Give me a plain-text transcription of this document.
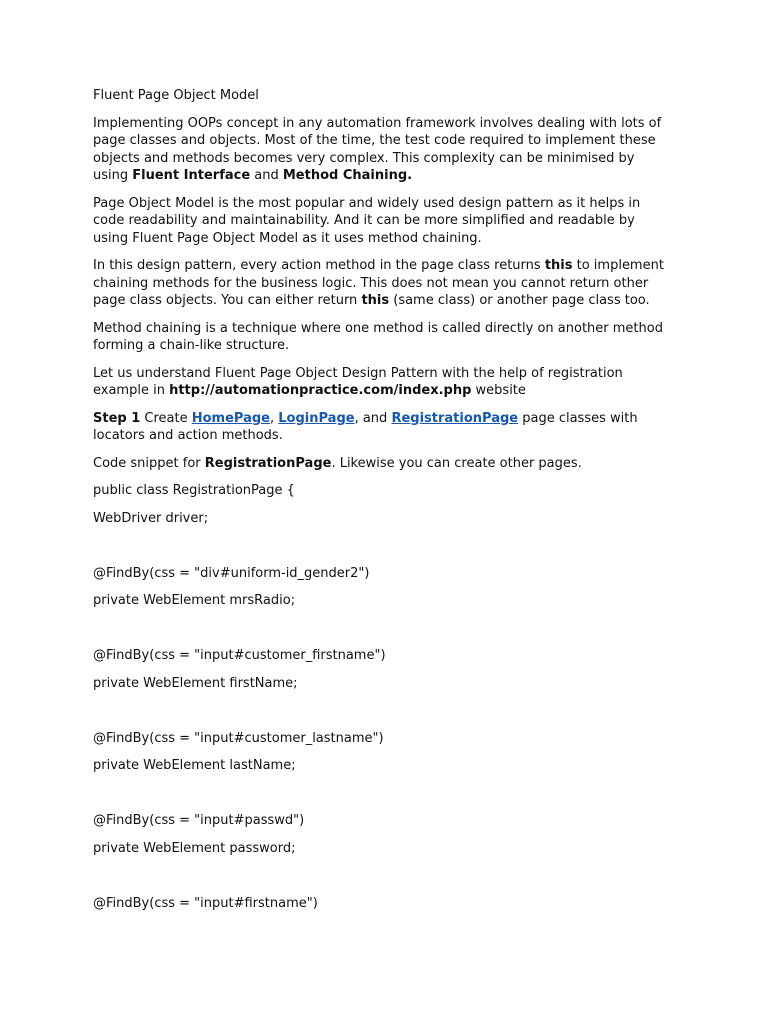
Fluent Page Object Model

Implementing OOPs concept in any automation framework involves dealing with lots of page classes and objects. Most of the time, the test code required to implement these objects and methods becomes very complex. This complexity can be minimised by using Fluent Interface and Method Chaining.

Page Object Model is the most popular and widely used design pattern as it helps in code readability and maintainability. And it can be more simplified and readable by using Fluent Page Object Model as it uses method chaining.

In this design pattern, every action method in the page class returns this to implement chaining methods for the business logic. This does not mean you cannot return other page class objects. You can either return this (same class) or another page class too.

Method chaining is a technique where one method is called directly on another method forming a chain-like structure.

Let us understand Fluent Page Object Design Pattern with the help of registration example in http://automationpractice.com/index.php website

Step 1 Create HomePage, LoginPage, and RegistrationPage page classes with locators and action methods.

Code snippet for RegistrationPage. Likewise you can create other pages.

public class RegistrationPage {

WebDriver driver;

@FindBy(css = "div#uniform-id_gender2")

private WebElement mrsRadio;

@FindBy(css = "input#customer_firstname")

private WebElement firstName;

@FindBy(css = "input#customer_lastname")

private WebElement lastName;

@FindBy(css = "input#passwd")

private WebElement password;

@FindBy(css = "input#firstname")
